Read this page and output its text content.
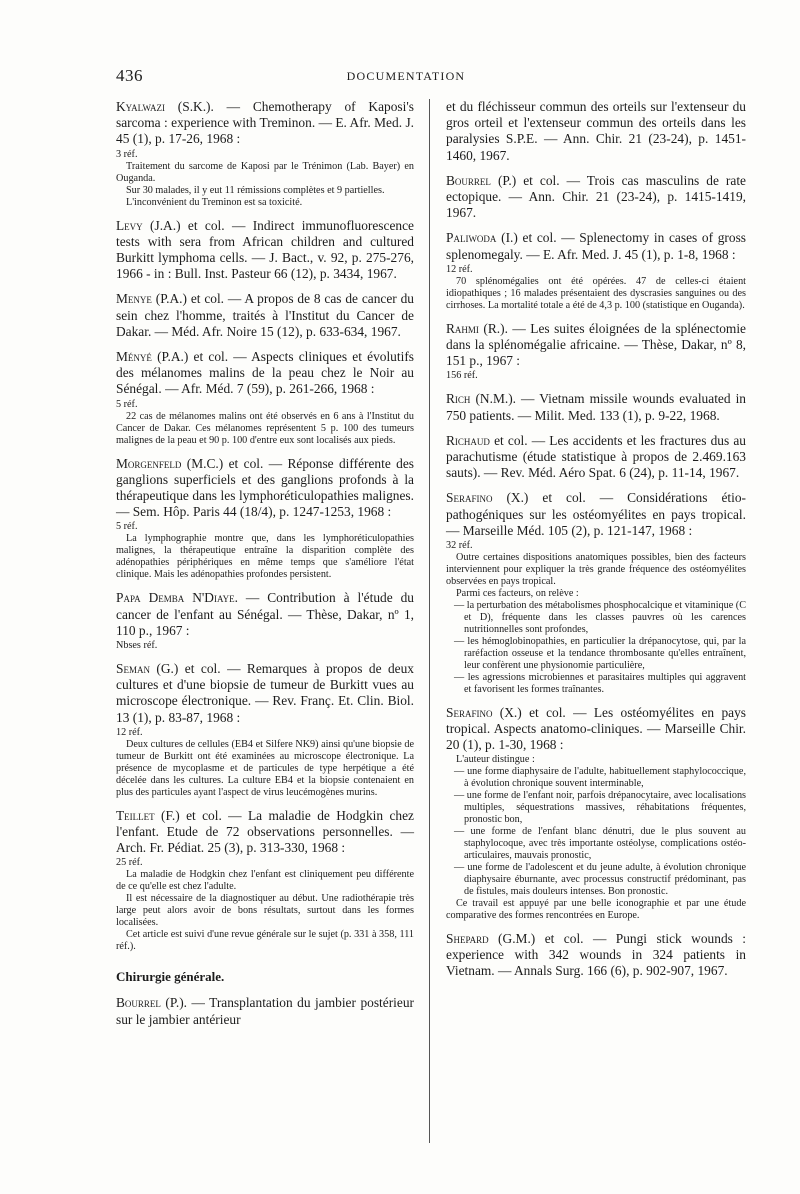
436	DOCUMENTATION
Kyalwazi (S.K.). — Chemotherapy of Kaposi's sarcoma : experience with Treminon. — E. Afr. Med. J. 45 (1), p. 17-26, 1968 :
3 réf.

Traitement du sarcome de Kaposi par le Trénimon (Lab. Bayer) en Ouganda.

Sur 30 malades, il y eut 11 rémissions complètes et 9 partielles.

L'inconvénient du Treminon est sa toxicité.

Levy (J.A.) et col. — Indirect immunofluorescence tests with sera from African children and cultured Burkitt lymphoma cells. — J. Bact., v. 92, p. 275-276, 1966 - in : Bull. Inst. Pasteur 66 (12), p. 3434, 1967.
Menye (P.A.) et col. — A propos de 8 cas de cancer du sein chez l'homme, traités à l'Institut du Cancer de Dakar. — Méd. Afr. Noire 15 (12), p. 633-634, 1967.
Ményé (P.A.) et col. — Aspects cliniques et évolutifs des mélanomes malins de la peau chez le Noir au Sénégal. — Afr. Méd. 7 (59), p. 261-266, 1968 :
5 réf.

22 cas de mélanomes malins ont été observés en 6 ans à l'Institut du Cancer de Dakar. Ces mélanomes représentent 5 p. 100 des tumeurs malignes de la peau et 90 p. 100 d'entre eux sont localisés aux pieds.

Morgenfeld (M.C.) et col. — Réponse différente des ganglions superficiels et des ganglions profonds à la thérapeutique dans les lymphoréticulopathies malignes. — Sem. Hôp. Paris 44 (18/4), p. 1247-1253, 1968 :
5 réf.

La lymphographie montre que, dans les lymphoréticulopathies malignes, la thérapeutique entraîne la disparition complète des adénopathies périphériques en même temps que s'améliore l'état clinique. Mais les adénopathies profondes persistent.

Papa Demba N'Diaye. — Contribution à l'étude du cancer de l'enfant au Sénégal. — Thèse, Dakar, nº 1, 110 p., 1967 :
Nbses réf.
Seman (G.) et col. — Remarques à propos de deux cultures et d'une biopsie de tumeur de Burkitt vues au microscope électronique. — Rev. Franç. Et. Clin. Biol. 13 (1), p. 83-87, 1968 :
12 réf.

Deux cultures de cellules (EB4 et Silfere NK9) ainsi qu'une biopsie de tumeur de Burkitt ont été examinées au microscope électronique. La présence de mycoplasme et de particules de type herpétique a été décelée dans les cultures. La culture EB4 et la biopsie contenaient en plus des particules ayant l'aspect de virus leucémogènes murins.

Teillet (F.) et col. — La maladie de Hodgkin chez l'enfant. Etude de 72 observations personnelles. — Arch. Fr. Pédiat. 25 (3), p. 313-330, 1968 :
25 réf.

La maladie de Hodgkin chez l'enfant est cliniquement peu différente de ce qu'elle est chez l'adulte.

Il est nécessaire de la diagnostiquer au début. Une radiothérapie très large peut alors avoir de bons résultats, surtout dans les formes localisées.

Cet article est suivi d'une revue générale sur le sujet (p. 331 à 358, 111 réf.).

Chirurgie générale.
Bourrel (P.). — Transplantation du jambier postérieur sur le jambier antérieur
et du fléchisseur commun des orteils sur l'extenseur du gros orteil et l'extenseur commun des orteils dans les paralysies S.P.E. — Ann. Chir. 21 (23-24), p. 1451-1460, 1967.
Bourrel (P.) et col. — Trois cas masculins de rate ectopique. — Ann. Chir. 21 (23-24), p. 1415-1419, 1967.
Paliwoda (I.) et col. — Splenectomy in cases of gross splenomegaly. — E. Afr. Med. J. 45 (1), p. 1-8, 1968 :
12 réf.

70 splénomégalies ont été opérées. 47 de celles-ci étaient idiopathiques ; 16 malades présentaient des dyscrasies sanguines ou des cirrhoses. La mortalité totale a été de 4,3 p. 100 (statistique en Ouganda).

Rahmi (R.). — Les suites éloignées de la splénectomie dans la splénomégalie africaine. — Thèse, Dakar, nº 8, 151 p., 1967 :
156 réf.
Rich (N.M.). — Vietnam missile wounds evaluated in 750 patients. — Milit. Med. 133 (1), p. 9-22, 1968.
Richaud et col. — Les accidents et les fractures dus au parachutisme (étude statistique à propos de 2.469.163 sauts). — Rev. Méd. Aéro Spat. 6 (24), p. 11-14, 1967.
Serafino (X.) et col. — Considérations étio-pathogéniques sur les ostéomyélites en pays tropical. — Marseille Méd. 105 (2), p. 121-147, 1968 :
32 réf.

Outre certaines dispositions anatomiques possibles, bien des facteurs interviennent pour expliquer la très grande fréquence des ostéomyélites observées en pays tropical.

Parmi ces facteurs, on relève :

— la perturbation des métabolismes phosphocalcique et vitaminique (C et D), fréquente dans les classes pauvres où les carences nutritionnelles sont profondes,
— les hémoglobinopathies, en particulier la drépanocytose, qui, par la raréfaction osseuse et la tendance thrombosante qu'elles entraînent, leur confèrent une physionomie particulière,
— les agressions microbiennes et parasitaires multiples qui aggravent et favorisent les formes traînantes.
Serafino (X.) et col. — Les ostéomyélites en pays tropical. Aspects anatomo-cliniques. — Marseille Chir. 20 (1), p. 1-30, 1968 :

L'auteur distingue :

— une forme diaphysaire de l'adulte, habituellement staphylococcique, à évolution chronique souvent interminable,
— une forme de l'enfant noir, parfois drépanocytaire, avec localisations multiples, séquestrations massives, réhabitations fréquentes, pronostic bon,
— une forme de l'enfant blanc dénutri, due le plus souvent au staphylocoque, avec très importante ostéolyse, complications ostéo-articulaires, mauvais pronostic,
— une forme de l'adolescent et du jeune adulte, à évolution chronique diaphysaire éburnante, avec processus constructif prédominant, pas de fistules, mais douleurs intenses. Bon pronostic.

Ce travail est appuyé par une belle iconographie et par une étude comparative des formes rencontrées en Europe.

Shepard (G.M.) et col. — Pungi stick wounds : experience with 342 wounds in 324 patients in Vietnam. — Annals Surg. 166 (6), p. 902-907, 1967.
